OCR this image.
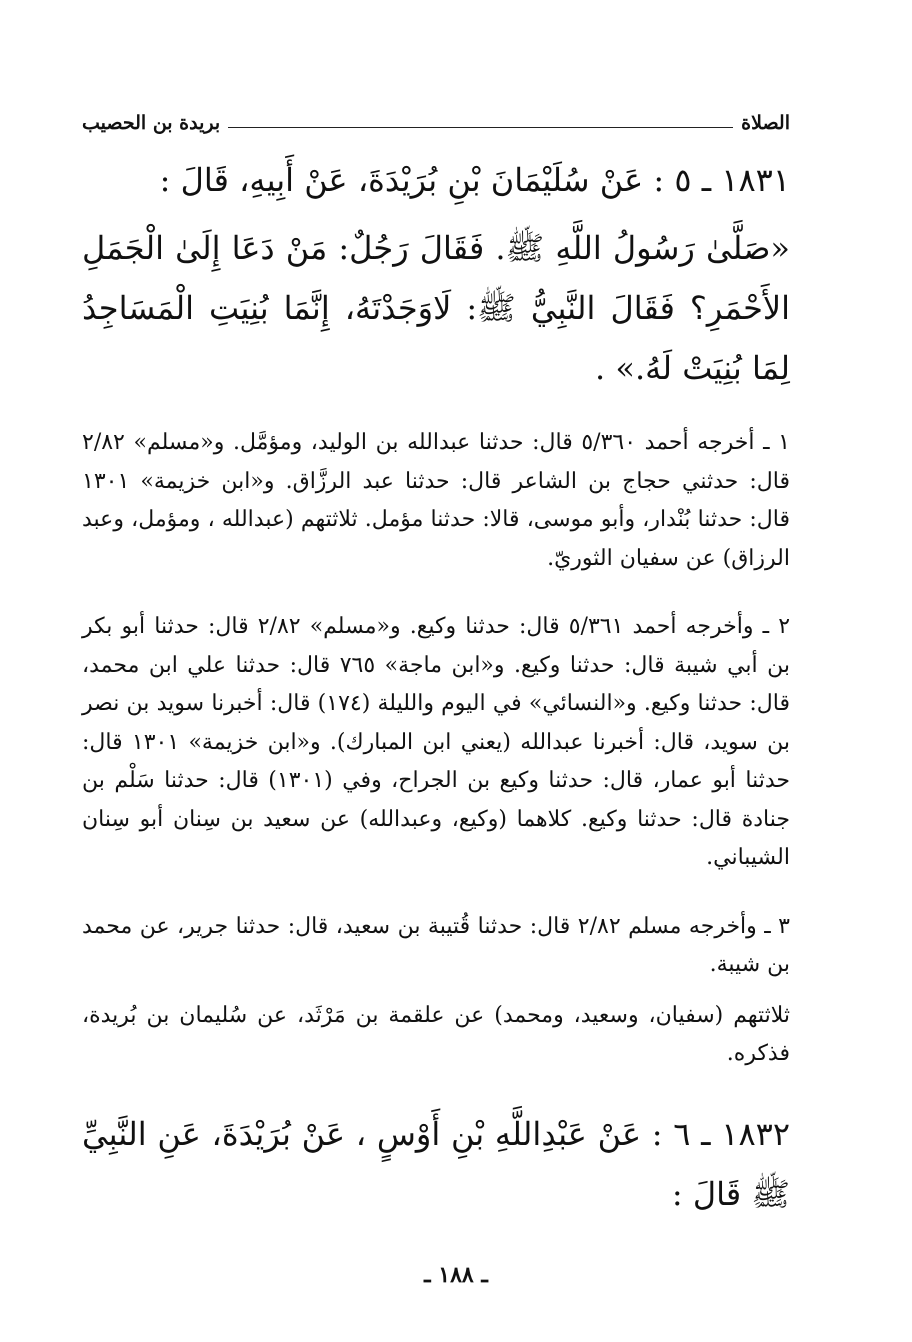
الصلاة
بريدة بن الحصيب

١٨٣١ ـ ٥ : عَنْ سُلَيْمَانَ بْنِ بُرَيْدَةَ، عَنْ أَبِيهِ، قَالَ :

«صَلَّىٰ رَسُولُ اللَّهِ ﷺ. فَقَالَ رَجُلٌ: مَنْ دَعَا إِلَىٰ الْجَمَلِ الأَحْمَرِ؟ فَقَالَ النَّبِيُّ ﷺ: لَاوَجَدْتَهُ، إِنَّمَا بُنِيَتِ الْمَسَاجِدُ لِمَا بُنِيَتْ لَهُ.» .

١ ـ أخرجه أحمد ٥/٣٦٠ قال: حدثنا عبدالله بن الوليد، ومؤمَّل. و«مسلم» ٢/٨٢ قال: حدثني حجاج بن الشاعر قال: حدثنا عبد الرزَّاق. و«ابن خزيمة» ١٣٠١ قال: حدثنا بُنْدار، وأبو موسى، قالا: حدثنا مؤمل. ثلاثتهم (عبدالله ، ومؤمل، وعبد الرزاق) عن سفيان الثوريّ.

٢ ـ وأخرجه أحمد ٥/٣٦١ قال: حدثنا وكيع. و«مسلم» ٢/٨٢ قال: حدثنا أبو بكر بن أبي شيبة قال: حدثنا وكيع. و«ابن ماجة» ٧٦٥ قال: حدثنا علي ابن محمد، قال: حدثنا وكيع. و«النسائي» في اليوم والليلة (١٧٤) قال: أخبرنا سويد بن نصر بن سويد، قال: أخبرنا عبدالله (يعني ابن المبارك). و«ابن خزيمة» ١٣٠١ قال: حدثنا أبو عمار، قال: حدثنا وكيع بن الجراح، وفي (١٣٠١) قال: حدثنا سَلْم بن جنادة قال: حدثنا وكيع. كلاهما (وكيع، وعبدالله) عن سعيد بن سِنان أبو سِنان الشيباني.

٣ ـ وأخرجه مسلم ٢/٨٢ قال: حدثنا قُتيبة بن سعيد، قال: حدثنا جرير، عن محمد بن شيبة.

ثلاثتهم (سفيان، وسعيد، ومحمد) عن علقمة بن مَرْثَد، عن سُليمان بن بُريدة، فذكره.

١٨٣٢ ـ ٦ : عَنْ عَبْدِاللَّهِ بْنِ أَوْسٍ ، عَنْ بُرَيْدَةَ، عَنِ النَّبِيِّ ﷺ قَالَ :

ـ ١٨٨ ـ
